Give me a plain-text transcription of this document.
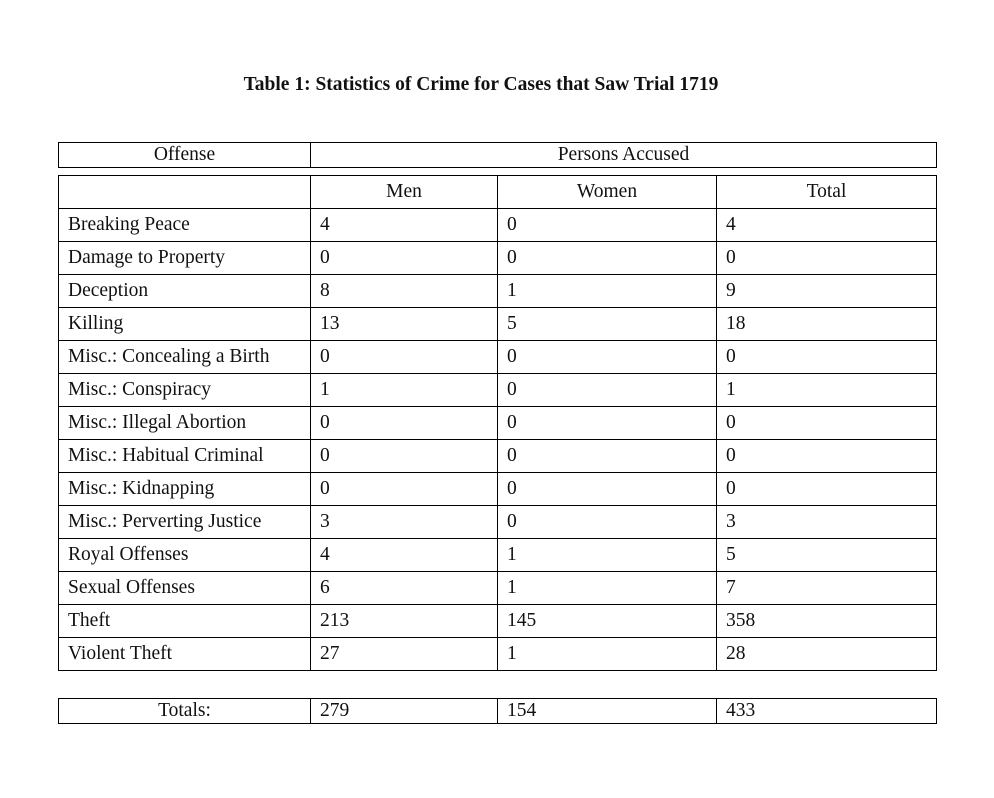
Table 1: Statistics of Crime for Cases that Saw Trial 1719
Offense	Persons Accused
	Men	Women	Total
Breaking Peace	4	0	4
Damage to Property	0	0	0
Deception	8	1	9
Killing	13	5	18
Misc.: Concealing a Birth	0	0	0
Misc.: Conspiracy	1	0	1
Misc.: Illegal Abortion	0	0	0
Misc.: Habitual Criminal	0	0	0
Misc.: Kidnapping	0	0	0
Misc.: Perverting Justice	3	0	3
Royal Offenses	4	1	5
Sexual Offenses	6	1	7
Theft	213	145	358
Violent Theft	27	1	28
Totals:	279	154	433
